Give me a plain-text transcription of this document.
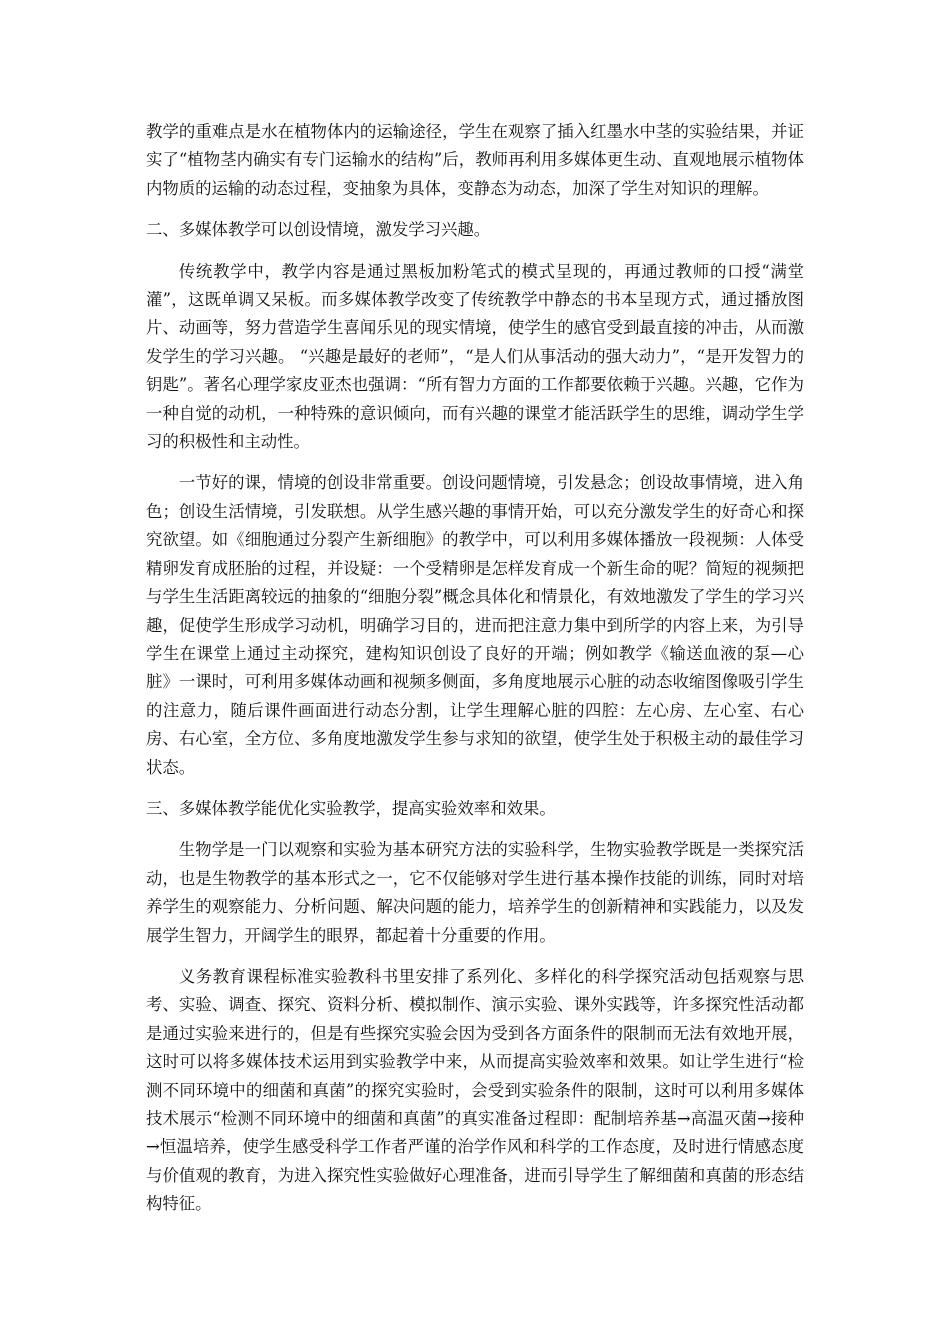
教学的重难点是水在植物体内的运输途径，学生在观察了插入红墨水中茎的实验结果，并证实了“植物茎内确实有专门运输水的结构”后，教师再利用多媒体更生动、直观地展示植物体内物质的运输的动态过程，变抽象为具体，变静态为动态，加深了学生对知识的理解。

二、多媒体教学可以创设情境，激发学习兴趣。

传统教学中，教学内容是通过黑板加粉笔式的模式呈现的，再通过教师的口授“满堂灌”，这既单调又呆板。而多媒体教学改变了传统教学中静态的书本呈现方式，通过播放图片、动画等，努力营造学生喜闻乐见的现实情境，使学生的感官受到最直接的冲击，从而激发学生的学习兴趣。 “兴趣是最好的老师”，“是人们从事活动的强大动力”，“是开发智力的钥匙”。著名心理学家皮亚杰也强调：“所有智力方面的工作都要依赖于兴趣。兴趣，它作为一种自觉的动机，一种特殊的意识倾向，而有兴趣的课堂才能活跃学生的思维，调动学生学习的积极性和主动性。

一节好的课，情境的创设非常重要。创设问题情境，引发悬念；创设故事情境，进入角色；创设生活情境，引发联想。从学生感兴趣的事情开始，可以充分激发学生的好奇心和探究欲望。如《细胞通过分裂产生新细胞》的教学中，可以利用多媒体播放一段视频：人体受精卵发育成胚胎的过程，并设疑：一个受精卵是怎样发育成一个新生命的呢？简短的视频把与学生生活距离较远的抽象的“细胞分裂”概念具体化和情景化，有效地激发了学生的学习兴趣，促使学生形成学习动机，明确学习目的，进而把注意力集中到所学的内容上来，为引导学生在课堂上通过主动探究，建构知识创设了良好的开端；例如教学《输送血液的泵—心脏》一课时，可利用多媒体动画和视频多侧面，多角度地展示心脏的动态收缩图像吸引学生的注意力，随后课件画面进行动态分割，让学生理解心脏的四腔：左心房、左心室、右心房、右心室，全方位、多角度地激发学生参与求知的欲望，使学生处于积极主动的最佳学习状态。

三、多媒体教学能优化实验教学，提高实验效率和效果。

生物学是一门以观察和实验为基本研究方法的实验科学，生物实验教学既是一类探究活动，也是生物教学的基本形式之一，它不仅能够对学生进行基本操作技能的训练，同时对培养学生的观察能力、分析问题、解决问题的能力，培养学生的创新精神和实践能力，以及发展学生智力，开阔学生的眼界，都起着十分重要的作用。

义务教育课程标准实验教科书里安排了系列化、多样化的科学探究活动包括观察与思考、实验、调查、探究、资料分析、模拟制作、演示实验、课外实践等，许多探究性活动都是通过实验来进行的，但是有些探究实验会因为受到各方面条件的限制而无法有效地开展，这时可以将多媒体技术运用到实验教学中来，从而提高实验效率和效果。如让学生进行“检测不同环境中的细菌和真菌”的探究实验时，会受到实验条件的限制，这时可以利用多媒体技术展示“检测不同环境中的细菌和真菌”的真实准备过程即：配制培养基→高温灭菌→接种→恒温培养，使学生感受科学工作者严谨的治学作风和科学的工作态度，及时进行情感态度与价值观的教育，为进入探究性实验做好心理准备，进而引导学生了解细菌和真菌的形态结构特征。
